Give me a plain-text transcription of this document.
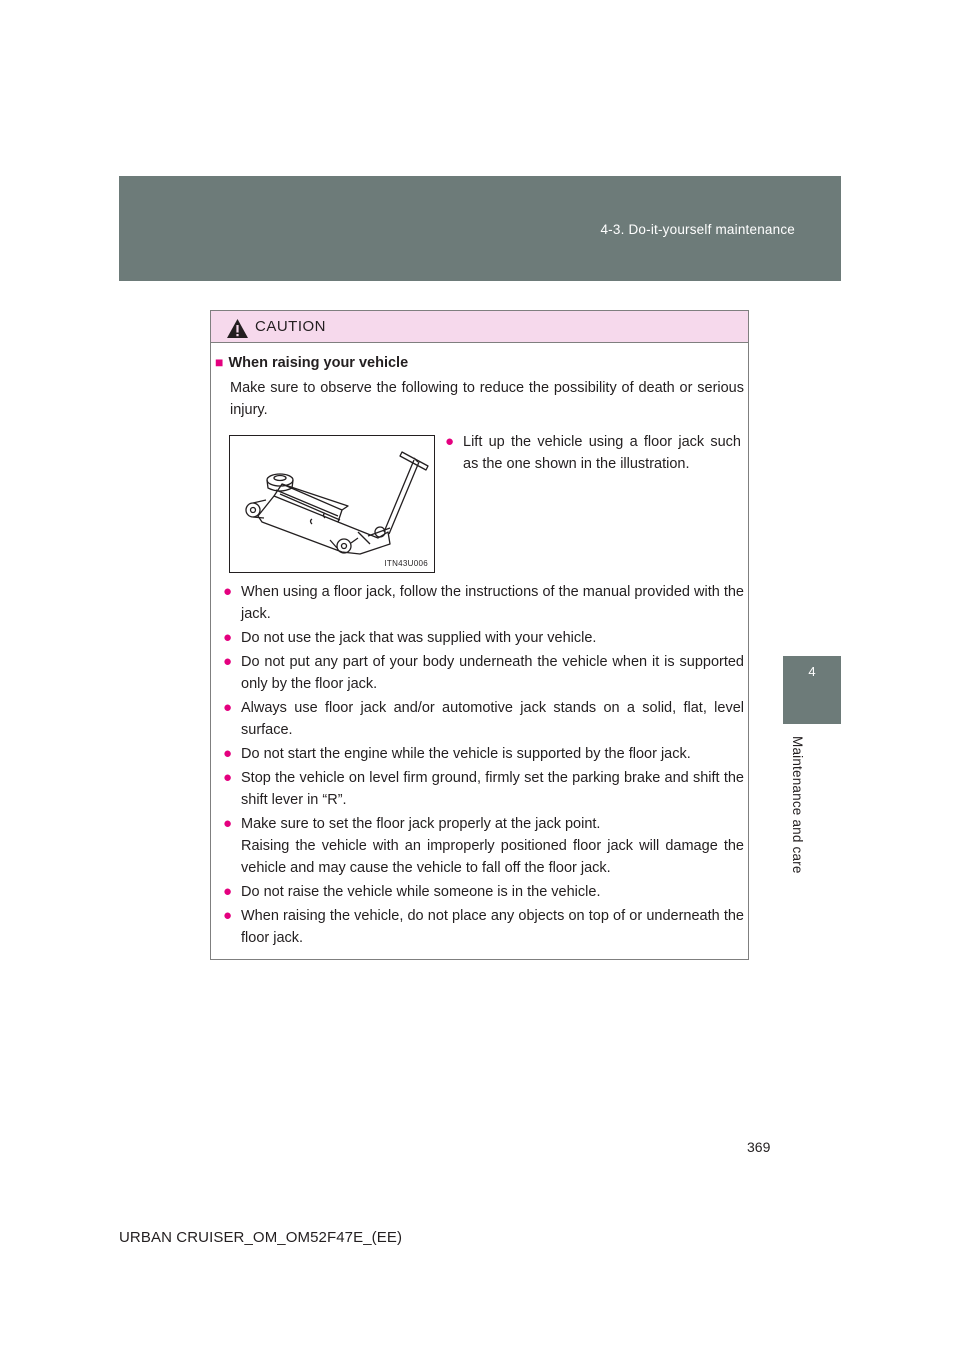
4-3. Do-it-yourself maintenance
4
Maintenance and care
CAUTION
■ When raising your vehicle
Make sure to observe the following to reduce the possibility of death or serious injury.
ITN43U006
● Lift up the vehicle using a floor jack such as the one shown in the illustration.
● When using a floor jack, follow the instructions of the manual provided with the jack.
● Do not use the jack that was supplied with your vehicle.
● Do not put any part of your body underneath the vehicle when it is supported only by the floor jack.
● Always use floor jack and/or automotive jack stands on a solid, flat, level surface.
● Do not start the engine while the vehicle is supported by the floor jack.
● Stop the vehicle on level firm ground, firmly set the parking brake and shift the shift lever in “R”.
● Make sure to set the floor jack properly at the jack point.
Raising the vehicle with an improperly positioned floor jack will damage the vehicle and may cause the vehicle to fall off the floor jack.
● Do not raise the vehicle while someone is in the vehicle.
● When raising the vehicle, do not place any objects on top of or underneath the floor jack.
369
URBAN CRUISER_OM_OM52F47E_(EE)
